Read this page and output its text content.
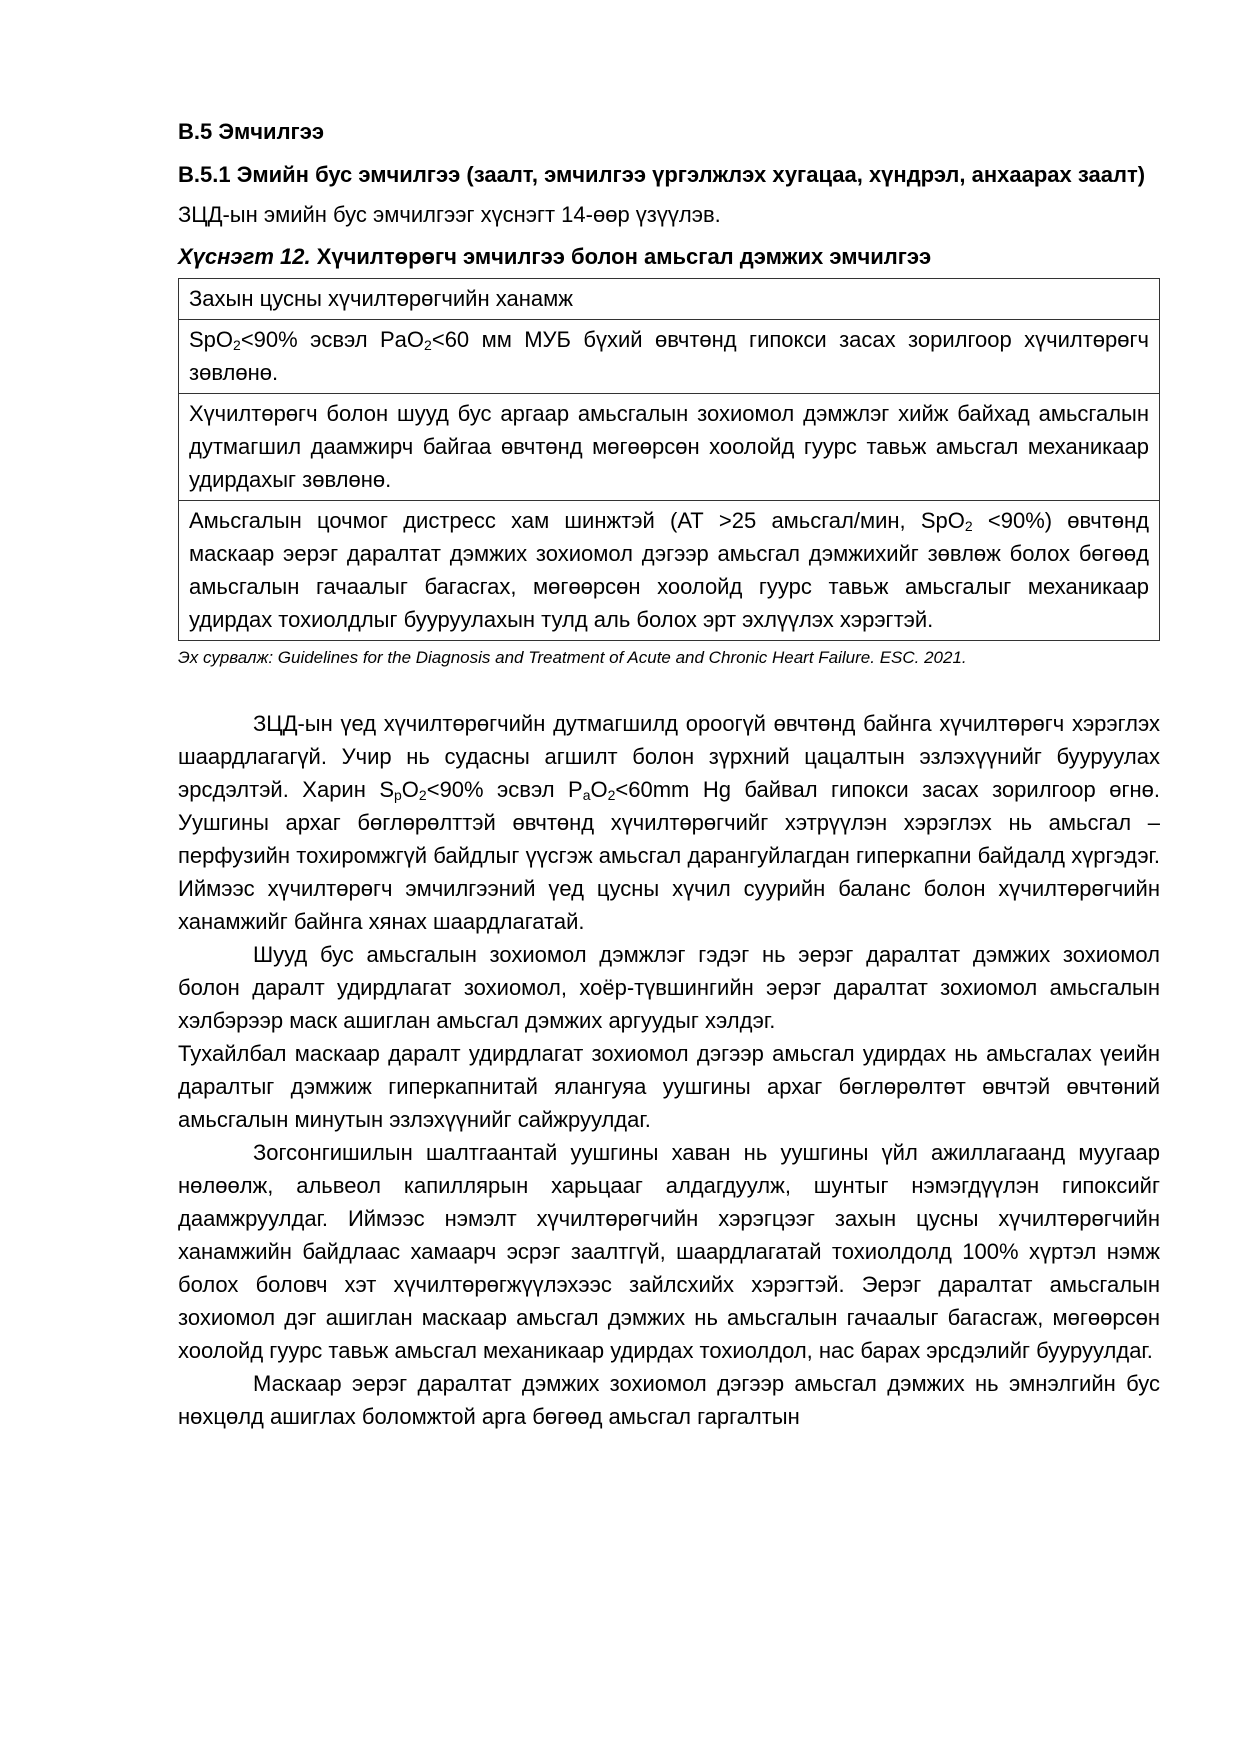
B.5 Эмчилгээ
B.5.1 Эмийн бус эмчилгээ (заалт, эмчилгээ үргэлжлэх хугацаа, хүндрэл, анхаарах заалт)

ЗЦД-ын эмийн бус эмчилгээг хүснэгт 14-өөр үзүүлэв.

Хүснэгт 12. Хүчилтөрөгч эмчилгээ болон амьсгал дэмжих эмчилгээ
Захын цусны хүчилтөрөгчийн ханамж
SpO$_2$<90% эсвэл PaO$_2$<60 мм МУБ бүхий өвчтөнд гипокси засах зорилгоор хүчилтөрөгч зөвлөнө.
Хүчилтөрөгч болон шууд бус аргаар амьсгалын зохиомол дэмжлэг хийж байхад амьсгалын дутмагшил даамжирч байгаа өвчтөнд мөгөөрсөн хоолойд гуурс тавьж амьсгал механикаар удирдахыг зөвлөнө.
Амьсгалын цочмог дистресс хам шинжтэй (АТ >25 амьсгал/мин, SpO$_2$ <90%) өвчтөнд маскаар эерэг даралтат дэмжих зохиомол дэгээр амьсгал дэмжихийг зөвлөж болох бөгөөд амьсгалын гачаалыг багасгах, мөгөөрсөн хоолойд гуурс тавьж амьсгалыг механикаар удирдах тохиолдлыг бууруулахын тулд аль болох эрт эхлүүлэх хэрэгтэй.

Эх сурвалж: Guidelines for the Diagnosis and Treatment of Acute and Chronic Heart Failure. ESC. 2021.

ЗЦД-ын үед хүчилтөрөгчийн дутмагшилд ороогүй өвчтөнд байнга хүчилтөрөгч хэрэглэх шаардлагагүй. Учир нь судасны агшилт болон зүрхний цацалтын эзлэхүүнийг бууруулах эрсдэлтэй. Харин $S_pO_2<90\%$ эсвэл $P_aO_2<60mm$ Hg байвал гипокси засах зорилгоор өгнө. Уушгины архаг бөглөрөлттэй өвчтөнд хүчилтөрөгчийг хэтрүүлэн хэрэглэх нь амьсгал – перфузийн тохиромжгүй байдлыг үүсгэж амьсгал дарангуйлагдан гиперкапни байдалд хүргэдэг. Иймээс хүчилтөрөгч эмчилгээний үед цусны хүчил суурийн баланс болон хүчилтөрөгчийн ханамжийг байнга хянах шаардлагатай.

Шууд бус амьсгалын зохиомол дэмжлэг гэдэг нь эерэг даралтат дэмжих зохиомол болон даралт удирдлагат зохиомол, хоёр-түвшингийн эерэг даралтат зохиомол амьсгалын хэлбэрээр маск ашиглан амьсгал дэмжих аргуудыг хэлдэг.

Тухайлбал маскаар даралт удирдлагат зохиомол дэгээр амьсгал удирдах нь амьсгалах үеийн даралтыг дэмжиж гиперкапнитай ялангуяа уушгины архаг бөглөрөлтөт өвчтэй өвчтөний амьсгалын минутын эзлэхүүнийг сайжруулдаг.

Зогсонгишилын шалтгаантай уушгины хаван нь уушгины үйл ажиллагаанд муугаар нөлөөлж, альвеол капиллярын харьцааг алдагдуулж, шунтыг нэмэгдүүлэн гипоксийг даамжруулдаг. Иймээс нэмэлт хүчилтөрөгчийн хэрэгцээг захын цусны хүчилтөрөгчийн ханамжийн байдлаас хамаарч эсрэг заалтгүй, шаардлагатай тохиолдолд 100% хүртэл нэмж болох боловч хэт хүчилтөрөгжүүлэхээс зайлсхийх хэрэгтэй. Эерэг даралтат амьсгалын зохиомол дэг ашиглан маскаар амьсгал дэмжих нь амьсгалын гачаалыг багасгаж, мөгөөрсөн хоолойд гуурс тавьж амьсгал механикаар удирдах тохиолдол, нас барах эрсдэлийг бууруулдаг.

Маскаар эерэг даралтат дэмжих зохиомол дэгээр амьсгал дэмжих нь эмнэлгийн бус нөхцөлд ашиглах боломжтой арга бөгөөд амьсгал гаргалтын
